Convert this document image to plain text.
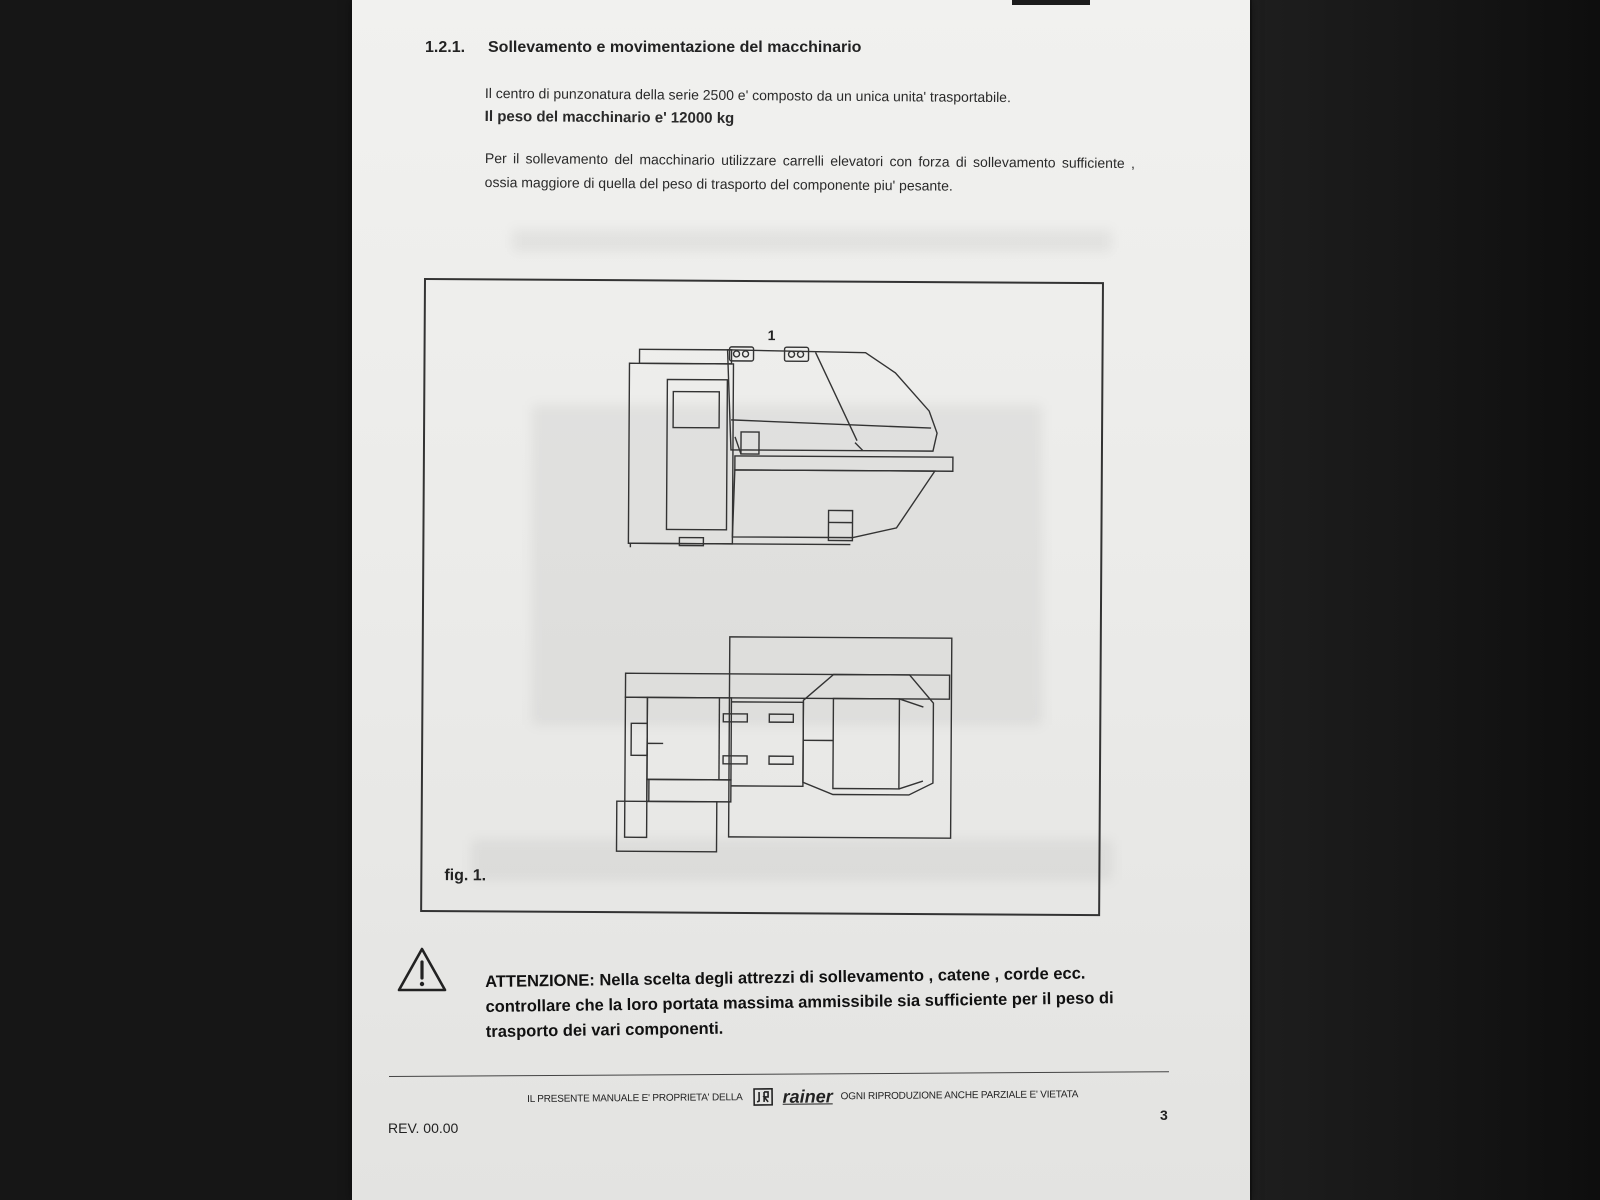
1.2.1. Sollevamento e movimentazione del macchinario
Il centro di punzonatura della serie 2500 e' composto da un unica unita' trasportabile.
Il peso del macchinario e' 12000 kg
Per il sollevamento del macchinario utilizzare carrelli elevatori con forza di sollevamento sufficiente , ossia maggiore di quella del peso di trasporto del componente piu' pesante.
1
fig. 1.
ATTENZIONE: Nella scelta degli attrezzi di sollevamento , catene , corde ecc. controllare che la loro portata massima ammissibile sia sufficiente per il peso di trasporto dei vari componenti.
IL PRESENTE MANUALE E' PROPRIETA' DELLA rainer OGNI RIPRODUZIONE ANCHE PARZIALE E' VIETATA
REV. 00.00
3
